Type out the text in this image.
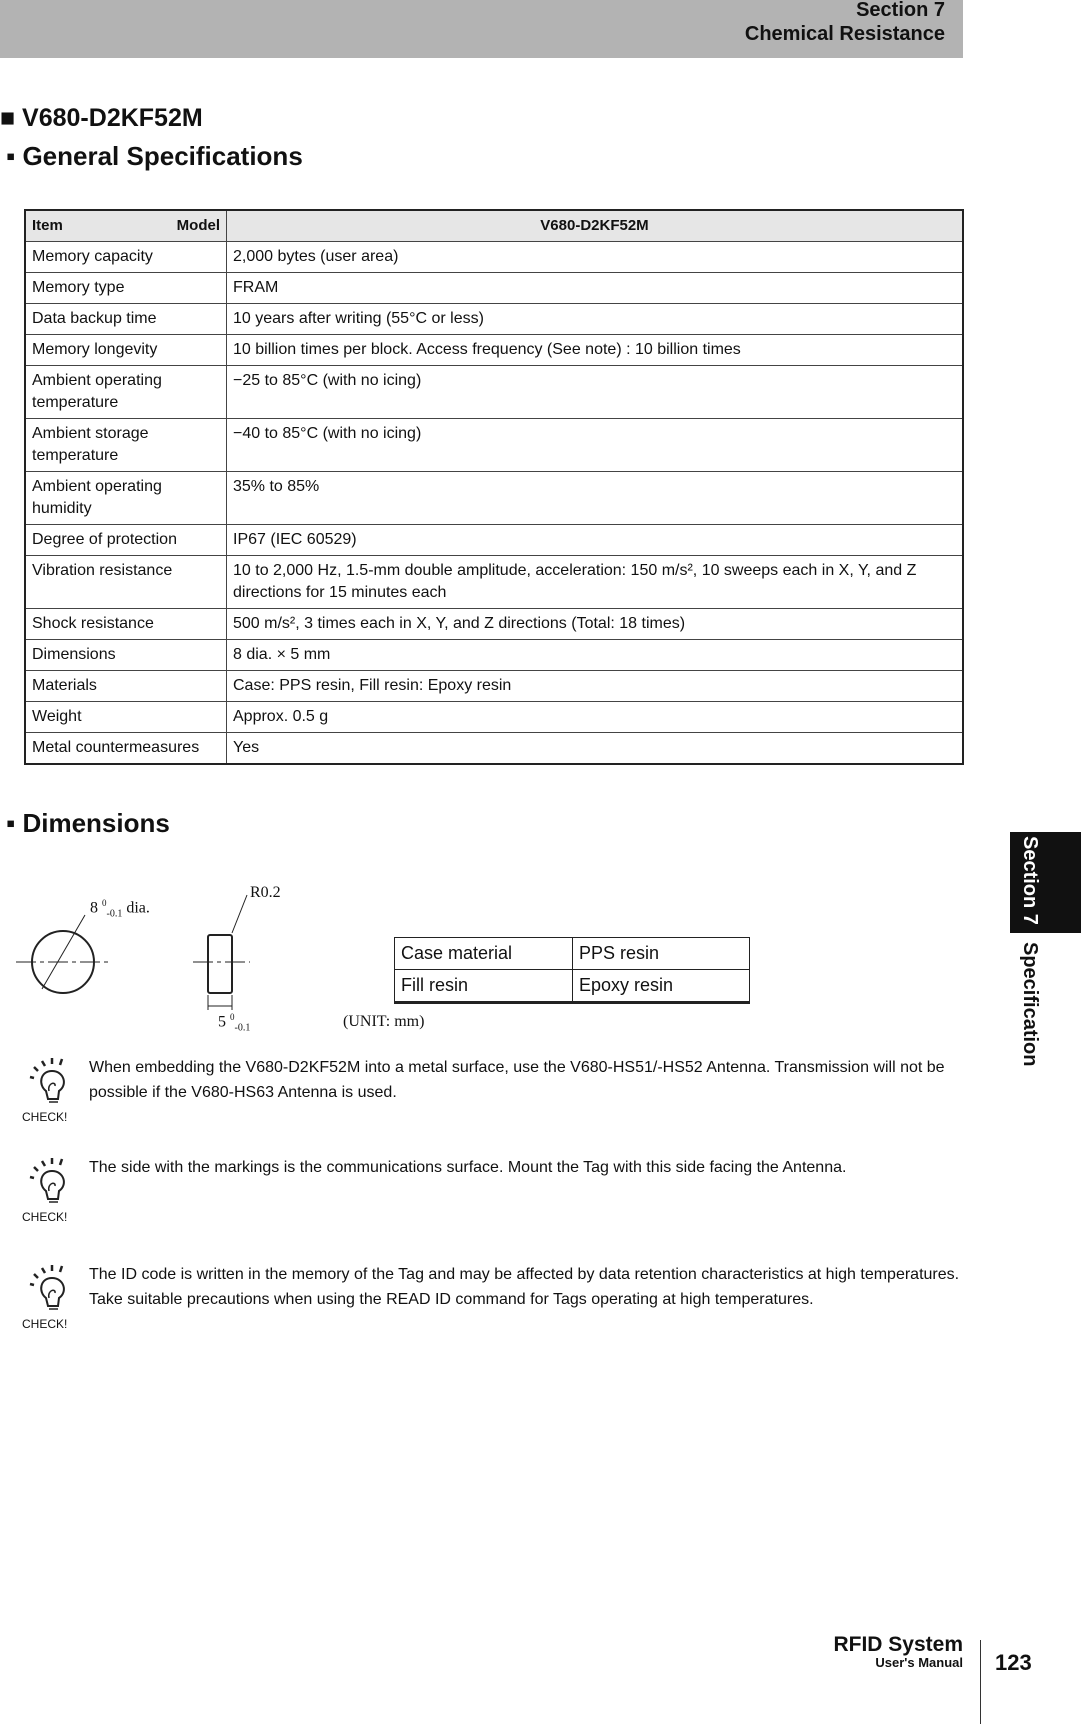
Section 7
Chemical Resistance
■ V680-D2KF52M
▪ General Specifications
Item Model	V680-D2KF52M
Memory capacity	2,000 bytes (user area)
Memory type	FRAM
Data backup time	10 years after writing (55°C or less)
Memory longevity	10 billion times per block. Access frequency (See note) : 10 billion times
Ambient operating temperature	−25 to 85°C (with no icing)
Ambient storage temperature	−40 to 85°C (with no icing)
Ambient operating humidity	35% to 85%
Degree of protection	IP67 (IEC 60529)
Vibration resistance	10 to 2,000 Hz, 1.5-mm double amplitude, acceleration: 150 m/s², 10 sweeps each in X, Y, and Z directions for 15 minutes each
Shock resistance	500 m/s², 3 times each in X, Y, and Z directions (Total: 18 times)
Dimensions	8 dia. × 5 mm
Materials	Case: PPS resin, Fill resin: Epoxy resin
Weight	Approx. 0.5 g
Metal countermeasures	Yes
▪ Dimensions
8 $^0_{-0.1}$ dia.
R0.2
5 $^0_{-0.1}$	(UNIT: mm)
Case material	PPS resin
Fill resin	Epoxy resin
CHECK!
When embedding the V680-D2KF52M into a metal surface, use the V680-HS51/-HS52 Antenna. Transmission will not be possible if the V680-HS63 Antenna is used.
CHECK!
The side with the markings is the communications surface. Mount the Tag with this side facing the Antenna.
CHECK!
The ID code is written in the memory of the Tag and may be affected by data retention characteristics at high temperatures. Take suitable precautions when using the READ ID command for Tags operating at high temperatures.
Section 7
Specification
RFID System
User's Manual 123
